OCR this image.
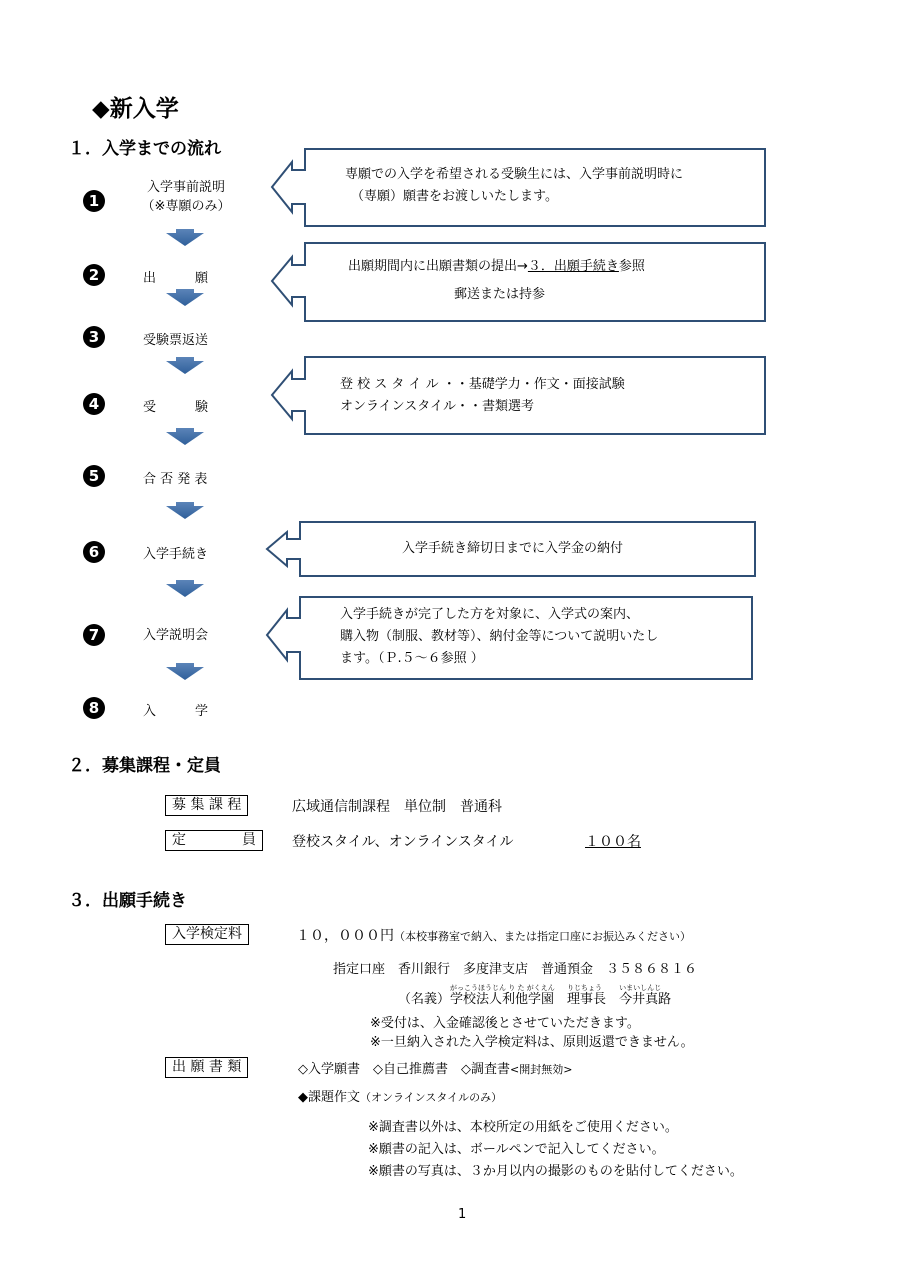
◆新入学
１．入学までの流れ
1
2
3
4
5
6
7
8
入学事前説明
（※専願のみ）
出　　　願
受験票返送
受　　　験
合 否 発 表
入学手続き
入学説明会
入　　　学
専願での入学を希望される受験生には、入学事前説明時に
（専願）願書をお渡しいたします。
出願期間内に出願書類の提出→３．出願手続き参照
郵送または持参
登 校 ス タ イ ル ・・基礎学力・作文・面接試験
オンラインスタイル・・書類選考
入学手続き締切日までに入学金の納付
入学手続きが完了した方を対象に、入学式の案内、
購入物（制服、教材等）、納付金等について説明いたし
ます。（Ｐ.５～６参照 ）
２．募集課程・定員
募 集 課 程	広域通信制課程　単位制　普通科
定　　　　員	登校スタイル、オンラインスタイル	１００名
３．出願手続き
入学検定料	１０，０００円（本校事務室で納入、または指定口座にお振込みください）
指定口座　香川銀行　多度津支店　普通預金　３５８６８１６
（名義）
がっこうほうじん り た がくえん
学校法人利他学園　
りじちょう
理事長　
いまいしんじ
今井真路
※受付は、入金確認後とさせていただきます。
※一旦納入された入学検定料は、原則返還できません。
出 願 書 類	◇入学願書　◇自己推薦書　◇調査書<開封無効>
◆課題作文（オンラインスタイルのみ）
※調査書以外は、本校所定の用紙をご使用ください。
※願書の記入は、ボールペンで記入してください。
※願書の写真は、３か月以内の撮影のものを貼付してください。
1
